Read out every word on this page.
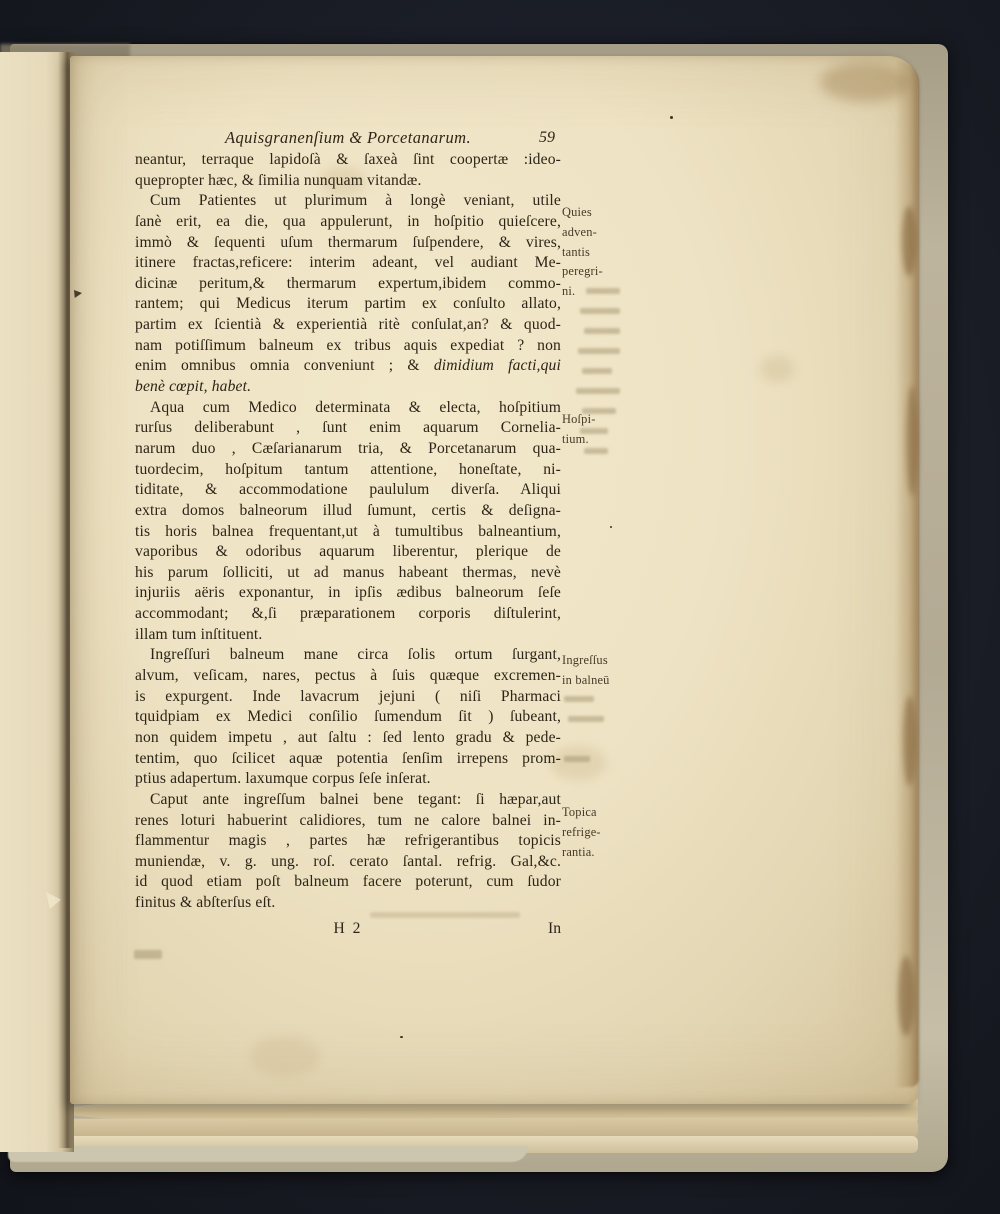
Aquisgranenſium & Porcetanarum.	59
neantur, terraque lapidoſà & ſaxeà ſint coopertæ :ideo-
quepropter hæc, & ſimilia nunquam vitandæ.
Cum Patientes ut plurimum à longè veniant, utile
ſanè erit, ea die, qua appulerunt, in hoſpitio quieſcere,
immò & ſequenti uſum thermarum ſuſpendere, & vires,
itinere fractas,reficere: interim adeant, vel audiant Me-
dicinæ peritum,& thermarum expertum,ibidem commo-
rantem; qui Medicus iterum partim ex conſulto allato,
partim ex ſcientià & experientià ritè conſulat,an? & quod-
nam potiſſimum balneum ex tribus aquis expediat ? non
enim omnibus omnia conveniunt ; & dimidium facti,qui
benè cœpit, habet.
Aqua cum Medico determinata & electa, hoſpitium
rurſus deliberabunt , ſunt enim aquarum Cornelia-
narum duo , Cæſarianarum tria, & Porcetanarum qua-
tuordecim, hoſpitum tantum attentione, honeſtate, ni-
tiditate, & accommodatione paululum diverſa. Aliqui
extra domos balneorum illud ſumunt, certis & deſigna-
tis horis balnea frequentant,ut à tumultibus balneantium,
vaporibus & odoribus aquarum liberentur, plerique de
his parum ſolliciti, ut ad manus habeant thermas, nevè
injuriis aëris exponantur, in ipſis ædibus balneorum ſeſe
accommodant; &,ſi præparationem corporis diſtulerint,
illam tum inſtituent.
Ingreſſuri balneum mane circa ſolis ortum ſurgant,
alvum, veſicam, nares, pectus à ſuis quæque excremen-
is expurgent. Inde lavacrum jejuni ( niſi Pharmaci
tquidpiam ex Medici conſilio ſumendum ſit ) ſubeant,
non quidem impetu , aut ſaltu : ſed lento gradu & pede-
tentim, quo ſcilicet aquæ potentia ſenſim irrepens prom-
ptius adapertum. laxumque corpus ſeſe inſerat.
Caput ante ingreſſum balnei bene tegant: ſi hæpar,aut
renes loturi habuerint calidiores, tum ne calore balnei in-
flammentur magis , partes hæ refrigerantibus topicis
muniendæ, v. g. ung. roſ. cerato ſantal. refrig. Gal,&c.
id quod etiam poſt balneum facere poterunt, cum ſudor
finitus & abſterſus eſt.
H 2	In
Quies
adven-
tantis
peregri-
ni.
Hoſpi-
tium.
Ingreſſus
in balneū
Topica
refrige-
rantia.
